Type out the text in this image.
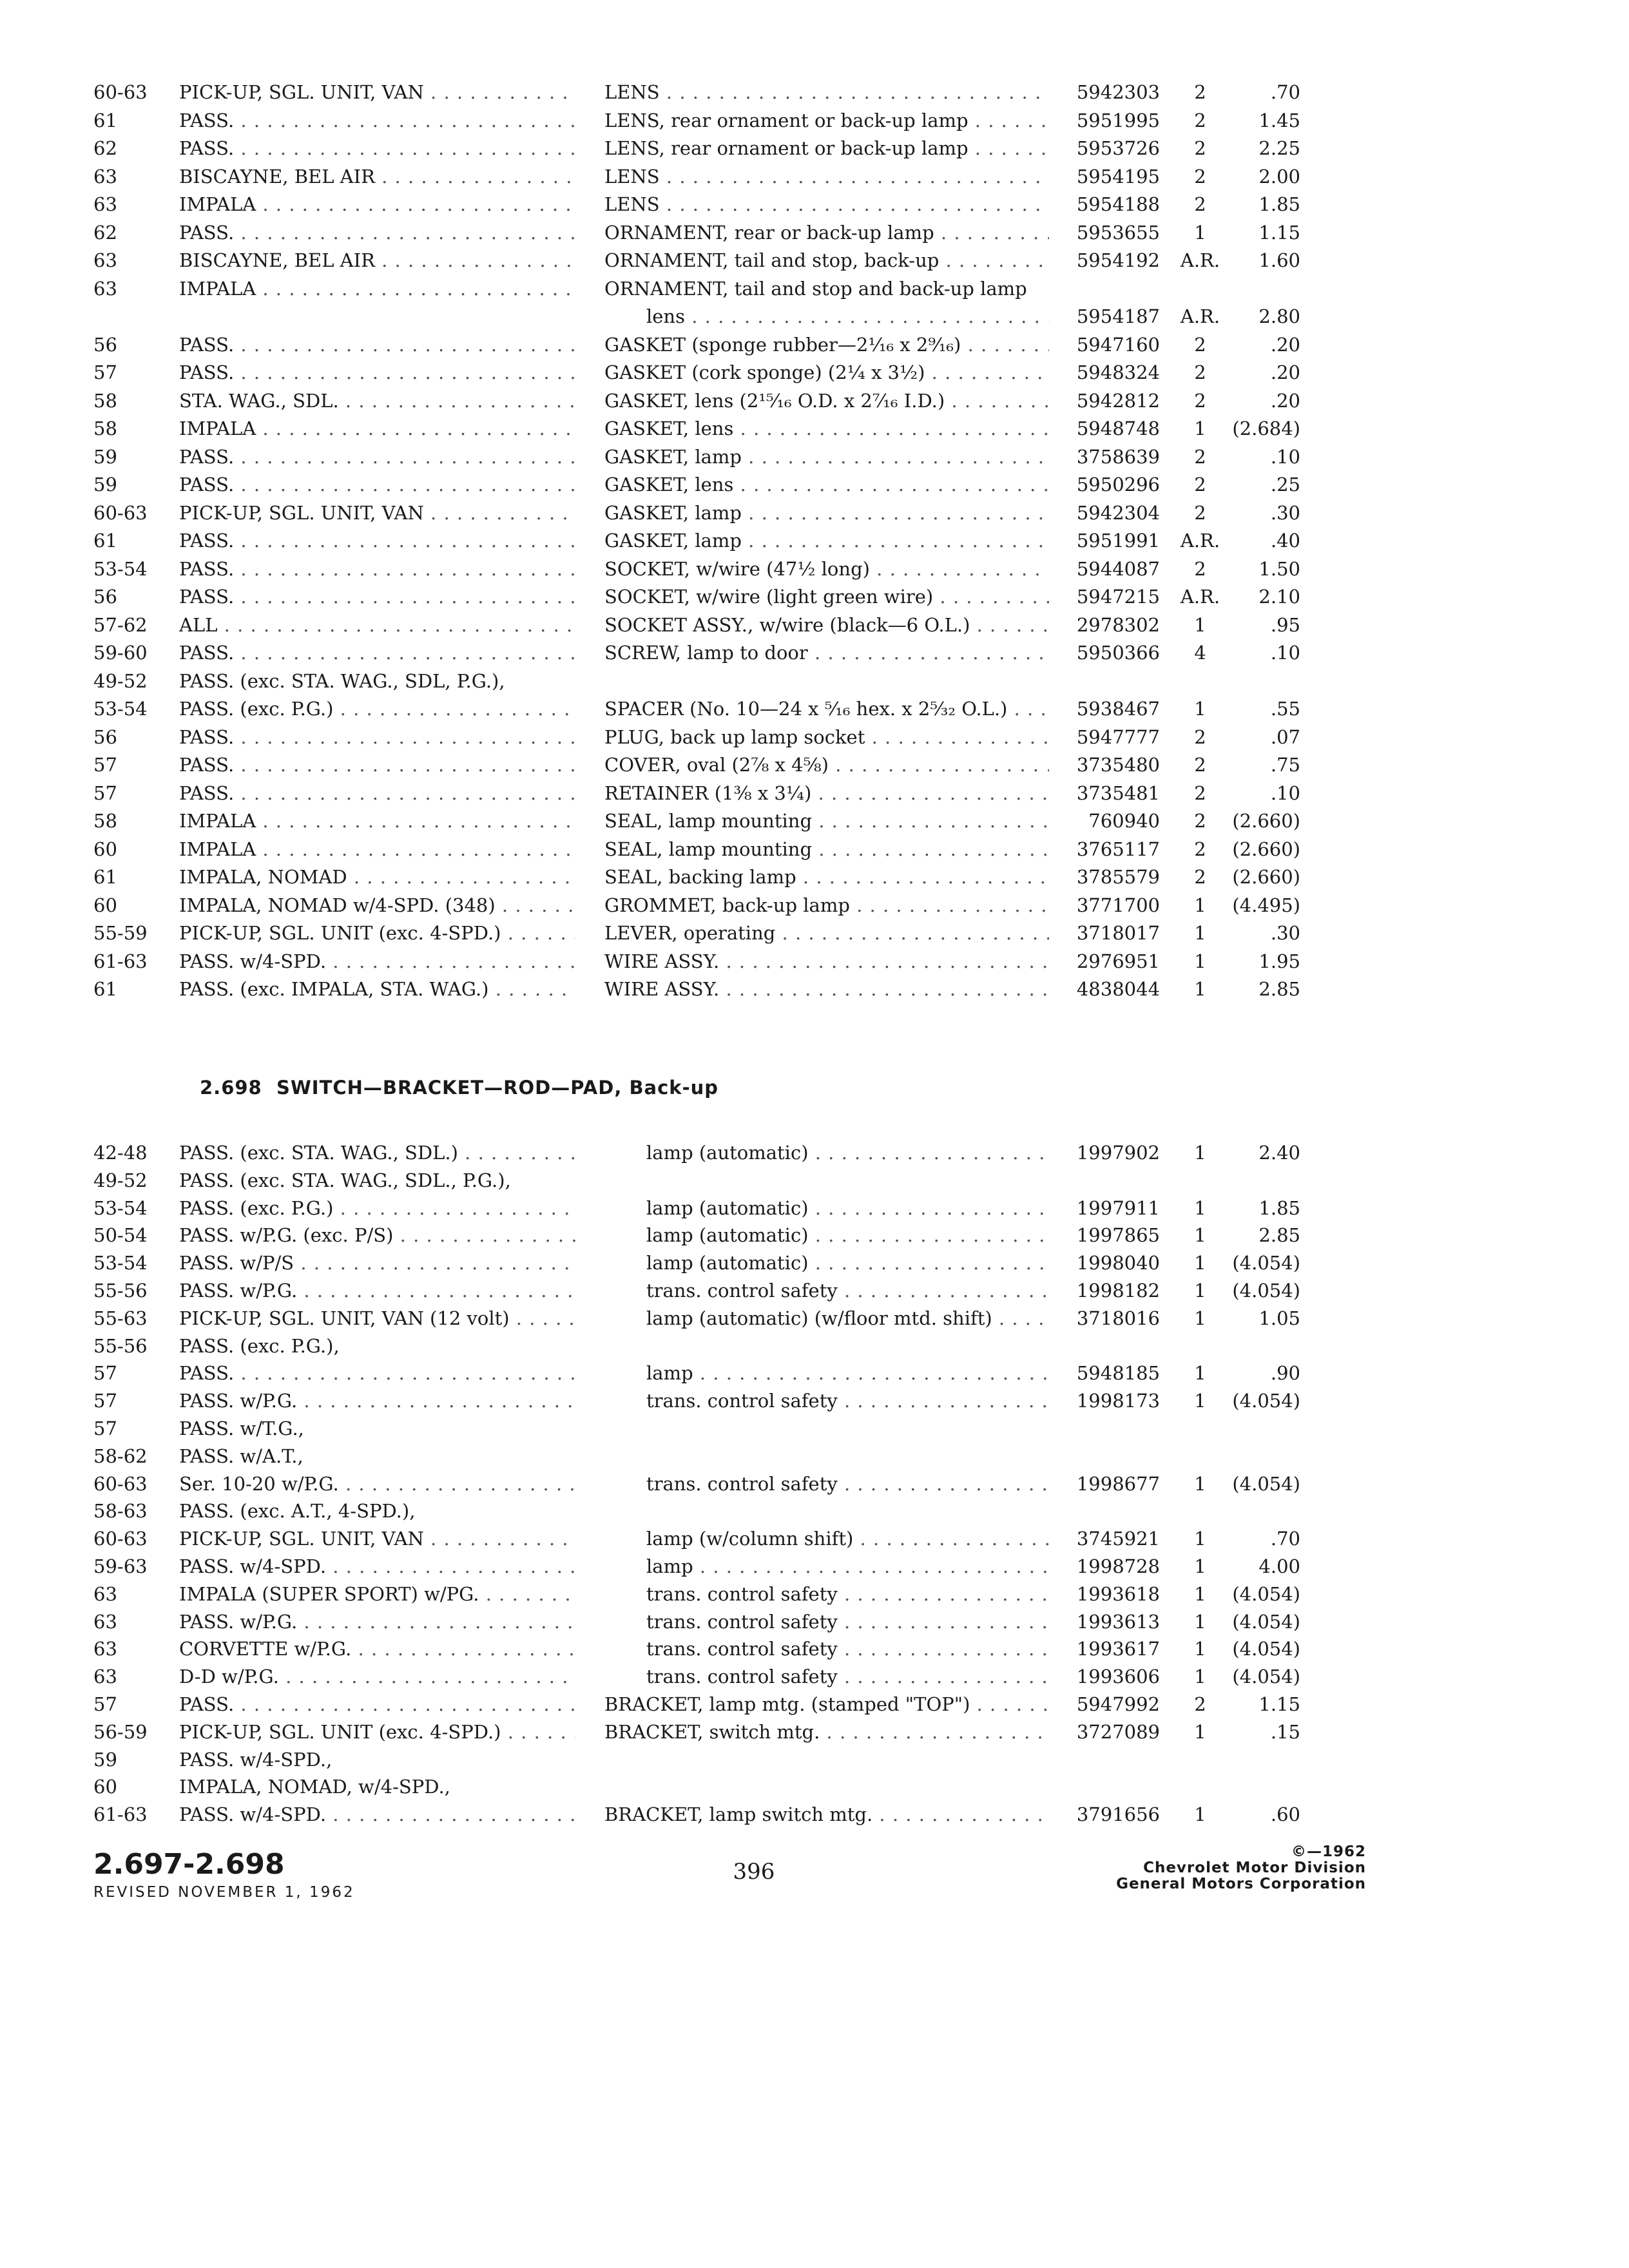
60-63	PICK-UP, SGL. UNIT, VAN . . .	LENS . . .	5942303	2	.70
61	PASS. . . .	LENS, rear ornament or back-up lamp . . .	5951995	2	1.45
62	PASS. . . .	LENS, rear ornament or back-up lamp . . .	5953726	2	2.25
63	BISCAYNE, BEL AIR . . .	LENS . . .	5954195	2	2.00
63	IMPALA . . .	LENS . . .	5954188	2	1.85
62	PASS. . . .	ORNAMENT, rear or back-up lamp . . .	5953655	1	1.15
63	BISCAYNE, BEL AIR . . .	ORNAMENT, tail and stop, back-up . . .	5954192	A.R.	1.60
63	IMPALA . . .	ORNAMENT, tail and stop and back-up lamp
lens . . .	5954187	A.R.	2.80
56	PASS. . . .	GASKET (sponge rubber—2¹⁄₁₆ x 2⁹⁄₁₆) . . .	5947160	2	.20
57	PASS. . . .	GASKET (cork sponge) (2¼ x 3½) . . .	5948324	2	.20
58	STA. WAG., SDL. . . .	GASKET, lens (2¹⁵⁄₁₆ O.D. x 2⁷⁄₁₆ I.D.) . . .	5942812	2	.20
58	IMPALA . . .	GASKET, lens . . .	5948748	1	(2.684)
59	PASS. . . .	GASKET, lamp . . .	3758639	2	.10
59	PASS. . . .	GASKET, lens . . .	5950296	2	.25
60-63	PICK-UP, SGL. UNIT, VAN . . .	GASKET, lamp . . .	5942304	2	.30
61	PASS. . . .	GASKET, lamp . . .	5951991	A.R.	.40
53-54	PASS. . . .	SOCKET, w/wire (47½ long) . . .	5944087	2	1.50
56	PASS. . . .	SOCKET, w/wire (light green wire) . . .	5947215	A.R.	2.10
57-62	ALL . . .	SOCKET ASSY., w/wire (black—6 O.L.) . . .	2978302	1	.95
59-60	PASS. . . .	SCREW, lamp to door . . .	5950366	4	.10
49-52	PASS. (exc. STA. WAG., SDL, P.G.),
53-54	PASS. (exc. P.G.) . . .	SPACER (No. 10—24 x ⁵⁄₁₆ hex. x 2⁵⁄₃₂ O.L.) . . .	5938467	1	.55
56	PASS. . . .	PLUG, back up lamp socket . . .	5947777	2	.07
57	PASS. . . .	COVER, oval (2⅞ x 4⅝) . . .	3735480	2	.75
57	PASS. . . .	RETAINER (1⅜ x 3¼) . . .	3735481	2	.10
58	IMPALA . . .	SEAL, lamp mounting . . .	760940	2	(2.660)
60	IMPALA . . .	SEAL, lamp mounting . . .	3765117	2	(2.660)
61	IMPALA, NOMAD . . .	SEAL, backing lamp . . .	3785579	2	(2.660)
60	IMPALA, NOMAD w/4-SPD. (348) . . .	GROMMET, back-up lamp . . .	3771700	1	(4.495)
55-59	PICK-UP, SGL. UNIT (exc. 4-SPD.) . . .	LEVER, operating . . .	3718017	1	.30
61-63	PASS. w/4-SPD. . . .	WIRE ASSY. . . .	2976951	1	1.95
61	PASS. (exc. IMPALA, STA. WAG.) . . .	WIRE ASSY. . . .	4838044	1	2.85
2.698 SWITCH—BRACKET—ROD—PAD, Back-up
42-48	PASS. (exc. STA. WAG., SDL.) . . .	lamp (automatic) . . .	1997902	1	2.40
49-52	PASS. (exc. STA. WAG., SDL., P.G.),
53-54	PASS. (exc. P.G.) . . .	lamp (automatic) . . .	1997911	1	1.85
50-54	PASS. w/P.G. (exc. P/S) . . .	lamp (automatic) . . .	1997865	1	2.85
53-54	PASS. w/P/S . . .	lamp (automatic) . . .	1998040	1	(4.054)
55-56	PASS. w/P.G. . . .	trans. control safety . . .	1998182	1	(4.054)
55-63	PICK-UP, SGL. UNIT, VAN (12 volt) . . .	lamp (automatic) (w/floor mtd. shift) . . .	3718016	1	1.05
55-56	PASS. (exc. P.G.),
57	PASS. . . .	lamp . . .	5948185	1	.90
57	PASS. w/P.G. . . .	trans. control safety . . .	1998173	1	(4.054)
57	PASS. w/T.G.,
58-62	PASS. w/A.T.,
60-63	Ser. 10-20 w/P.G. . . .	trans. control safety . . .	1998677	1	(4.054)
58-63	PASS. (exc. A.T., 4-SPD.),
60-63	PICK-UP, SGL. UNIT, VAN . . .	lamp (w/column shift) . . .	3745921	1	.70
59-63	PASS. w/4-SPD. . . .	lamp . . .	1998728	1	4.00
63	IMPALA (SUPER SPORT) w/PG. . . .	trans. control safety . . .	1993618	1	(4.054)
63	PASS. w/P.G. . . .	trans. control safety . . .	1993613	1	(4.054)
63	CORVETTE w/P.G. . . .	trans. control safety . . .	1993617	1	(4.054)
63	D-D w/P.G. . . .	trans. control safety . . .	1993606	1	(4.054)
57	PASS. . . .	BRACKET, lamp mtg. (stamped "TOP") . . .	5947992	2	1.15
56-59	PICK-UP, SGL. UNIT (exc. 4-SPD.) . . .	BRACKET, switch mtg. . . .	3727089	1	.15
59	PASS. w/4-SPD.,
60	IMPALA, NOMAD, w/4-SPD.,
61-63	PASS. w/4-SPD. . . .	BRACKET, lamp switch mtg. . . .	3791656	1	.60
2.697-2.698
REVISED NOVEMBER 1, 1962
396
©—1962
Chevrolet Motor Division
General Motors Corporation
